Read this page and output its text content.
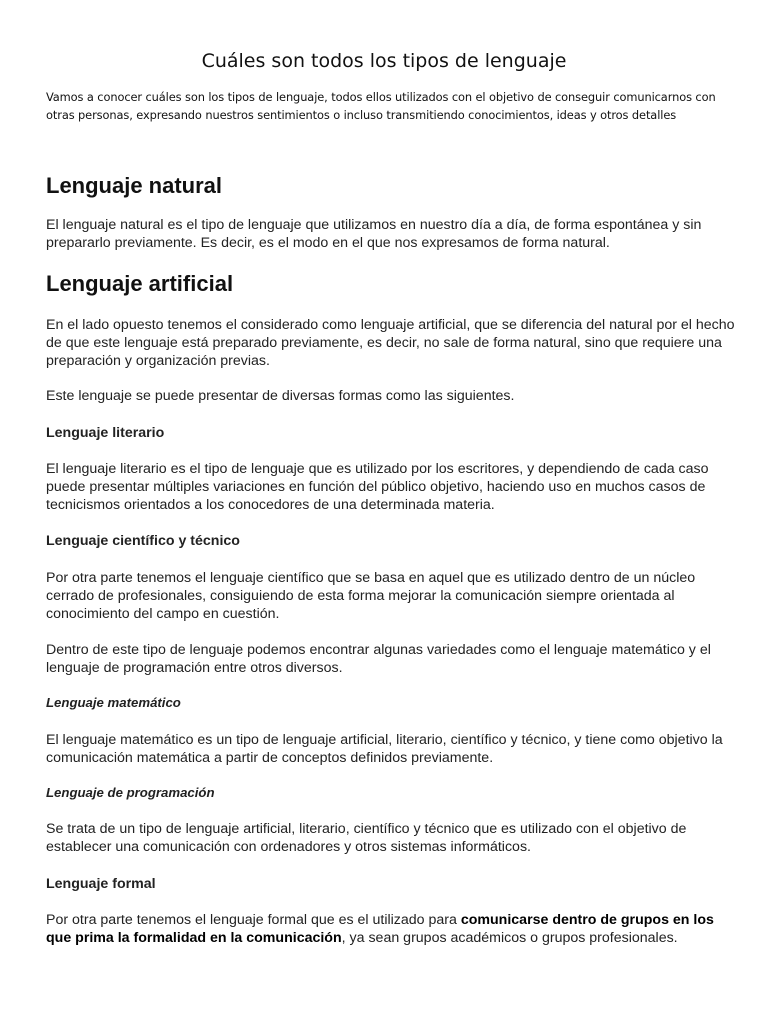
Cuáles son todos los tipos de lenguaje

Vamos a conocer cuáles son los tipos de lenguaje, todos ellos utilizados con el objetivo de conseguir comunicarnos con otras personas, expresando nuestros sentimientos o incluso transmitiendo conocimientos, ideas y otros detalles

Lenguaje natural

El lenguaje natural es el tipo de lenguaje que utilizamos en nuestro día a día, de forma espontánea y sin prepararlo previamente. Es decir, es el modo en el que nos expresamos de forma natural.

Lenguaje artificial

En el lado opuesto tenemos el considerado como lenguaje artificial, que se diferencia del natural por el hecho de que este lenguaje está preparado previamente, es decir, no sale de forma natural, sino que requiere una preparación y organización previas.

Este lenguaje se puede presentar de diversas formas como las siguientes.

Lenguaje literario

El lenguaje literario es el tipo de lenguaje que es utilizado por los escritores, y dependiendo de cada caso puede presentar múltiples variaciones en función del público objetivo, haciendo uso en muchos casos de tecnicismos orientados a los conocedores de una determinada materia.

Lenguaje científico y técnico

Por otra parte tenemos el lenguaje científico que se basa en aquel que es utilizado dentro de un núcleo cerrado de profesionales, consiguiendo de esta forma mejorar la comunicación siempre orientada al conocimiento del campo en cuestión.

Dentro de este tipo de lenguaje podemos encontrar algunas variedades como el lenguaje matemático y el lenguaje de programación entre otros diversos.

Lenguaje matemático

El lenguaje matemático es un tipo de lenguaje artificial, literario, científico y técnico, y tiene como objetivo la comunicación matemática a partir de conceptos definidos previamente.

Lenguaje de programación

Se trata de un tipo de lenguaje artificial, literario, científico y técnico que es utilizado con el objetivo de establecer una comunicación con ordenadores y otros sistemas informáticos.

Lenguaje formal

Por otra parte tenemos el lenguaje formal que es el utilizado para comunicarse dentro de grupos en los que prima la formalidad en la comunicación, ya sean grupos académicos o grupos profesionales.
